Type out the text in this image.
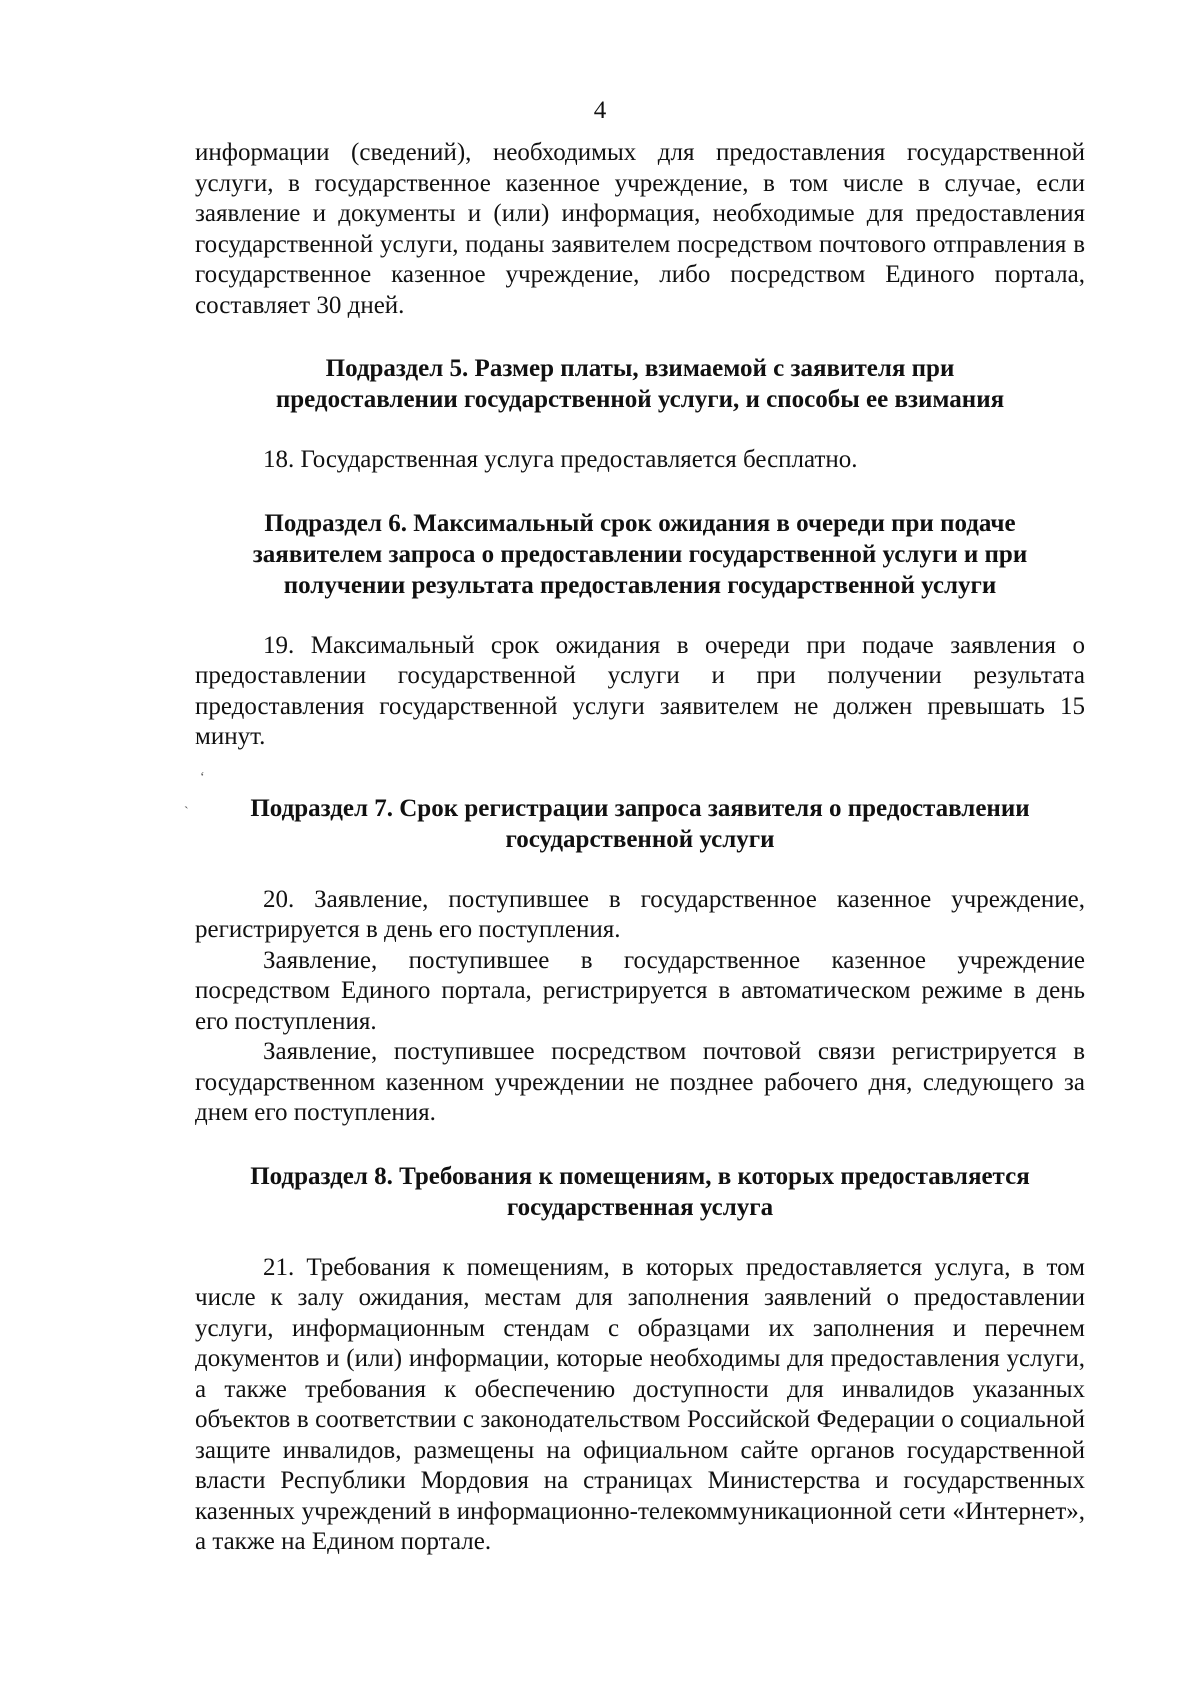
4

информации (сведений), необходимых для предоставления государственной услуги, в государственное казенное учреждение, в том числе в случае, если заявление и документы и (или) информация, необходимые для предоставления государственной услуги, поданы заявителем посредством почтового отправления в государственное казенное учреждение, либо посредством Единого портала, составляет 30 дней.

Подраздел 5. Размер платы, взимаемой с заявителя при
предоставлении государственной услуги, и способы ее взимания

18. Государственная услуга предоставляется бесплатно.

Подраздел 6. Максимальный срок ожидания в очереди при подаче
заявителем запроса о предоставлении государственной услуги и при
получении результата предоставления государственной услуги

19. Максимальный срок ожидания в очереди при подаче заявления о предоставлении государственной услуги и при получении результата предоставления государственной услуги заявителем не должен превышать 15 минут.

Подраздел 7. Срок регистрации запроса заявителя о предоставлении
государственной услуги

20. Заявление, поступившее в государственное казенное учреждение, регистрируется в день его поступления.

Заявление, поступившее в государственное казенное учреждение посредством Единого портала, регистрируется в автоматическом режиме в день его поступления.

Заявление, поступившее посредством почтовой связи регистрируется в государственном казенном учреждении не позднее рабочего дня, следующего за днем его поступления.

Подраздел 8. Требования к помещениям, в которых предоставляется
государственная услуга

21. Требования к помещениям, в которых предоставляется услуга, в том числе к залу ожидания, местам для заполнения заявлений о предоставлении услуги, информационным стендам с образцами их заполнения и перечнем документов и (или) информации, которые необходимы для предоставления услуги, а также требования к обеспечению доступности для инвалидов указанных объектов в соответствии с законодательством Российской Федерации о социальной защите инвалидов, размещены на официальном сайте органов государственной власти Республики Мордовия на страницах Министерства и государственных казенных учреждений в информационно-телекоммуникационной сети «Интернет», а также на Едином портале.

‘
`
